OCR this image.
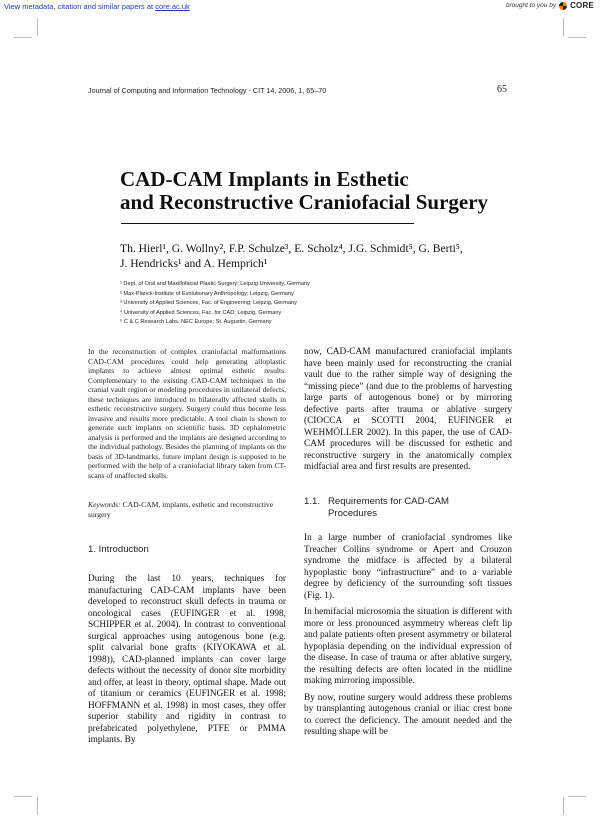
View metadata, citation and similar papers at core.ac.uk	brought to you by CORE
Journal of Computing and Information Technology - CIT 14, 2006, 1, 65–70	65
CAD-CAM Implants in Esthetic
and Reconstructive Craniofacial Surgery
Th. Hierl¹, G. Wollny², F.P. Schulze³, E. Scholz⁴, J.G. Schmidt⁵, G. Berti⁵,
J. Hendricks¹ and A. Hemprich¹
¹ Dept. of Oral and Maxillofacial Plastic Surgery; Leipzig University, Germany
² Max-Planck-Institute of Evolutionary Anthropology; Leipzig, Germany
³ University of Applied Sciences, Fac. of Engineering; Leipzig, Germany
⁴ University of Applied Sciences, Fac. for CAD; Leipzig, Germany
⁵ C & C Research Labs. NEC Europe; St. Augustin, Germany
In the reconstruction of complex craniofacial malformations CAD-CAM procedures could help generating alloplastic implants to achieve almost optimal esthetic results. Complementary to the existing CAD-CAM techniques in the cranial vault region or modeling procedures in unilateral defects, these techniques are introduced to bilaterally affected skulls in esthetic reconstructive surgery. Surgery could thus become less invasive and results more predictable. A tool chain is shown to generate such implants on scientific basis. 3D cephalometric analysis is performed and the implants are designed according to the individual pathology. Besides the planning of implants on the basis of 3D-landmarks, future implant design is supposed to be performed with the help of a craniofacial library taken from CT-scans of unaffected skulls.
Keywords: CAD-CAM, implants, esthetic and reconstructive surgery
1. Introduction
During the last 10 years, techniques for manufacturing CAD-CAM implants have been developed to reconstruct skull defects in trauma or oncological cases (EUFINGER et al. 1998, SCHIPPER et al. 2004). In contrast to conventional surgical approaches using autogenous bone (e.g. split calvarial bone grafts (KIYOKAWA et al. 1998)), CAD-planned implants can cover large defects without the necessity of donor site morbidity and offer, at least in theory, optimal shape. Made out of titanium or ceramics (EUFINGER et al. 1998; HOFFMANN et al. 1998) in most cases, they offer superior stability and rigidity in contrast to prefabricated polyethylene, PTFE or PMMA implants. By
now, CAD-CAM manufactured craniofacial implants have been mainly used for reconstructing the cranial vault due to the rather simple way of designing the “missing piece” (and due to the problems of harvesting large parts of autogenous bone) or by mirroring defective parts after trauma or ablative surgery (CIOCCA et SCOTTI 2004, EUFINGER et WEHMÖLLER 2002). In this paper, the use of CAD-CAM procedures will be discussed for esthetic and reconstructive surgery in the anatomically complex midfacial area and first results are presented.
1.1. Requirements for CAD-CAM
Procedures

In a large number of craniofacial syndromes like Treacher Collins syndrome or Apert and Crouzon syndrome the midface is affected by a bilateral hypoplastic bony “infrastructure” and to a variable degree by deficiency of the surrounding soft tissues (Fig. 1).

In hemifacial microsomia the situation is different with more or less pronounced asymmetry whereas cleft lip and palate patients often present asymmetry or bilateral hypoplasia depending on the individual expression of the disease. In case of trauma or after ablative surgery, the resulting defects are often located in the midline making mirroring impossible.

By now, routine surgery would address these problems by transplanting autogenous cranial or iliac crest bone to correct the deficiency. The amount needed and the resulting shape will be
